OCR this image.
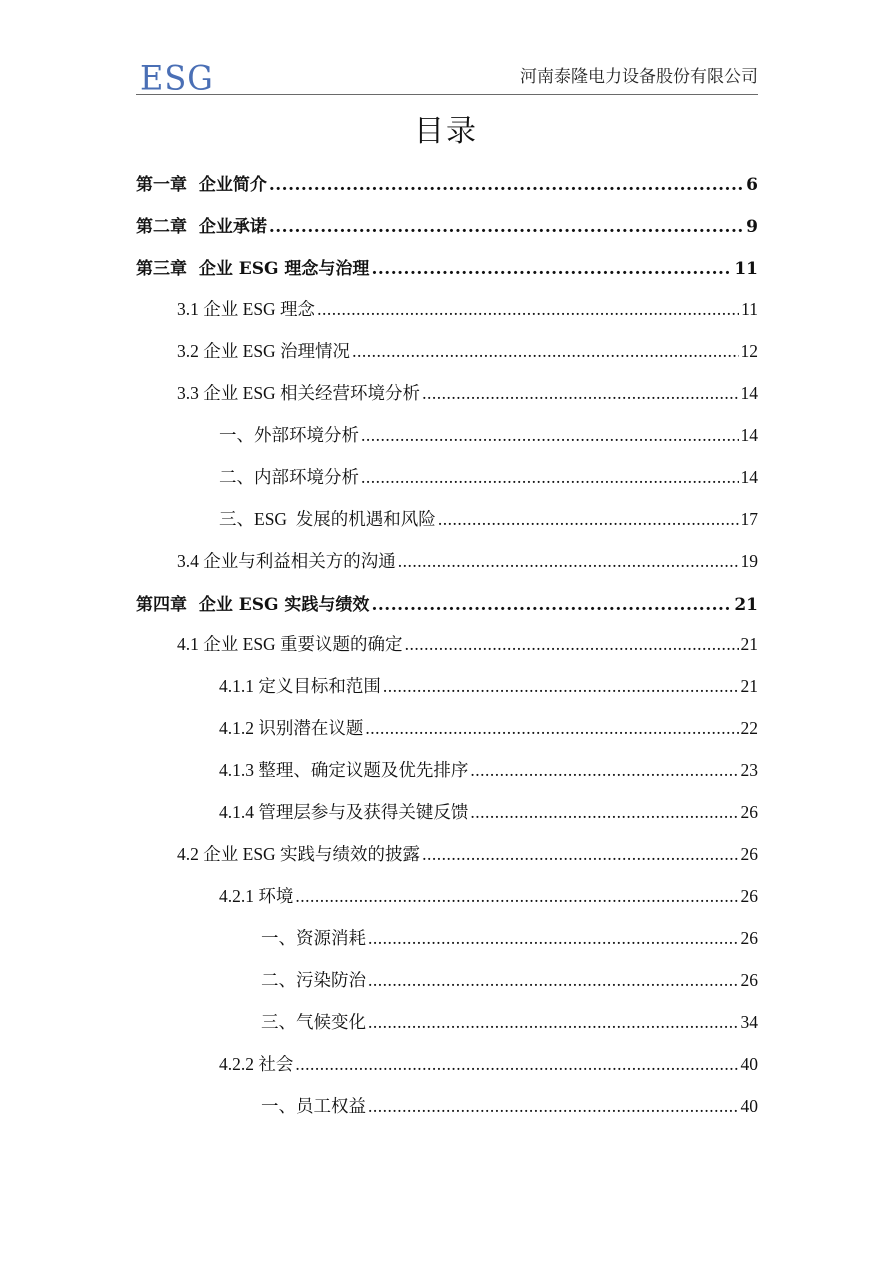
ESG	河南泰隆电力设备股份有限公司
目录
第一章  企业简介 .....	6
第二章  企业承诺 .....	9
第三章  企业 ESG 理念与治理 .....	11
3.1 企业 ESG 理念 .....	11
3.2 企业 ESG 治理情况 .....	12
3.3 企业 ESG 相关经营环境分析 .....	14
一、外部环境分析 .....	14
二、内部环境分析 .....	14
三、ESG  发展的机遇和风险 .....	17
3.4 企业与利益相关方的沟通 .....	19
第四章  企业 ESG 实践与绩效 .....	21
4.1 企业 ESG 重要议题的确定 .....	21
4.1.1 定义目标和范围 .....	21
4.1.2 识别潜在议题 .....	22
4.1.3 整理、确定议题及优先排序 .....	23
4.1.4 管理层参与及获得关键反馈 .....	26
4.2 企业 ESG 实践与绩效的披露 .....	26
4.2.1 环境 .....	26
一、资源消耗 .....	26
二、污染防治 .....	26
三、气候变化 .....	34
4.2.2 社会 .....	40
一、员工权益 .....	40
